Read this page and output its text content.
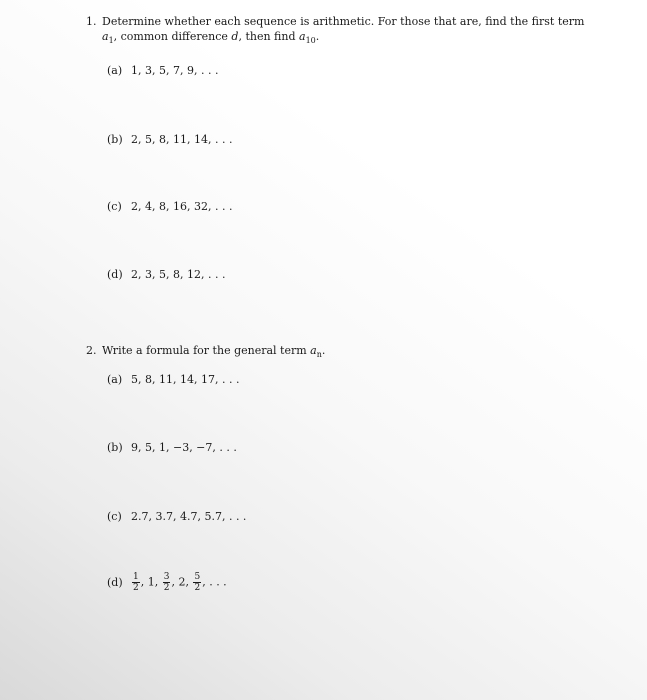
1. Determine whether each sequence is arithmetic. For those that are, find the first term
$a_1$, common difference d, then find $a_{10}$.
(a) 1, 3, 5, 7, 9, . . .
(b) 2, 5, 8, 11, 14, . . .
(c) 2, 4, 8, 16, 32, . . .
(d) 2, 3, 5, 8, 12, . . .
2. Write a formula for the general term $a_n$.
(a) 5, 8, 11, 14, 17, . . .
(b) 9, 5, 1, −3, −7, . . .
(c) 2.7, 3.7, 4.7, 5.7, . . .
$(d) \frac{1}{2}$ , 1, $\frac{3}{2}$ , 2, $\frac{5}{2}$ , . . .
